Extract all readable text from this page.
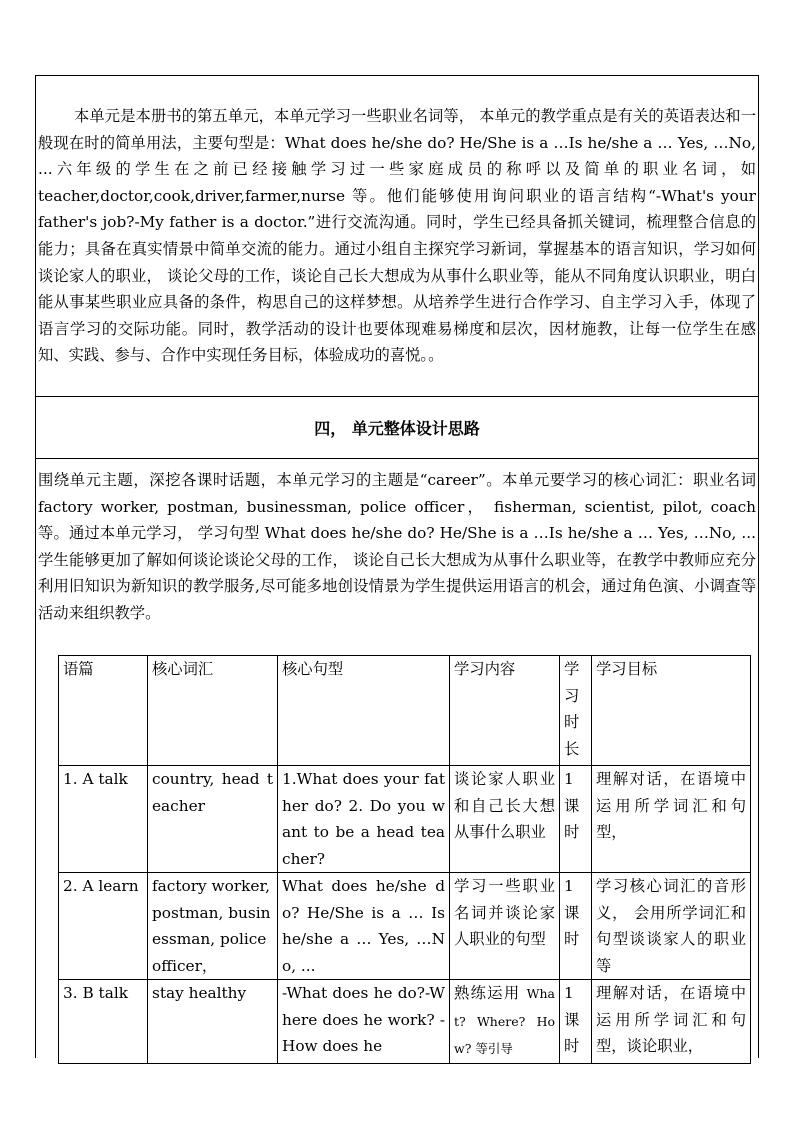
本单元是本册书的第五单元，本单元学习一些职业名词等， 本单元的教学重点是有关的英语表达和一般现在时的简单用法，主要句型是：What does he/she do? He/She is a …Is he/she a … Yes, …No, ...六年级的学生在之前已经接触学习过一些家庭成员的称呼以及简单的职业名词，如 teacher,doctor,cook,driver,farmer,nurse 等。他们能够使用询问职业的语言结构“-What's your father's job?-My father is a doctor.”进行交流沟通。同时，学生已经具备抓关键词，梳理整合信息的能力；具备在真实情景中简单交流的能力。通过小组自主探究学习新词，掌握基本的语言知识，学习如何谈论家人的职业， 谈论父母的工作，谈论自己长大想成为从事什么职业等，能从不同角度认识职业，明白能从事某些职业应具备的条件，构思自己的这样梦想。从培养学生进行合作学习、自主学习入手，体现了语言学习的交际功能。同时，教学活动的设计也要体现难易梯度和层次，因材施教，让每一位学生在感知、实践、参与、合作中实现任务目标，体验成功的喜悦。。

四， 单元整体设计思路

围绕单元主题，深挖各课时话题，本单元学习的主题是“career”。本单元要学习的核心词汇：职业名词 factory worker, postman, businessman, police officer， fisherman, scientist, pilot, coach 等。通过本单元学习， 学习句型 What does he/she do? He/She is a …Is he/she a … Yes, …No, ...学生能够更加了解如何谈论谈论父母的工作， 谈论自己长大想成为从事什么职业等，在教学中教师应充分利用旧知识为新知识的教学服务,尽可能多地创设情景为学生提供运用语言的机会，通过角色演、小调查等活动来组织教学。

语篇	核心词汇	核心句型	学习内容	学习时长	学习目标
1. A talk	country, head teacher	1.What does your father do? 2. Do you want to be a head teacher?	谈论家人职业和自己长大想从事什么职业	1课时	理解对话，在语境中运用所学词汇和句型，
2. A learn	factory worker, postman, businessman, police officer，	What does he/she do? He/She is a … Is he/she a … Yes, …No, ...	学习一些职业名词并谈论家人职业的句型	1课时	学习核心词汇的音形义， 会用所学词汇和句型谈谈家人的职业等
3. B talk	stay healthy	-What does he do?-Where does he work? -How does he	熟练运用 What? Where? How? 等引导	1课时	理解对话，在语境中运用所学词汇和句型，谈论职业，
